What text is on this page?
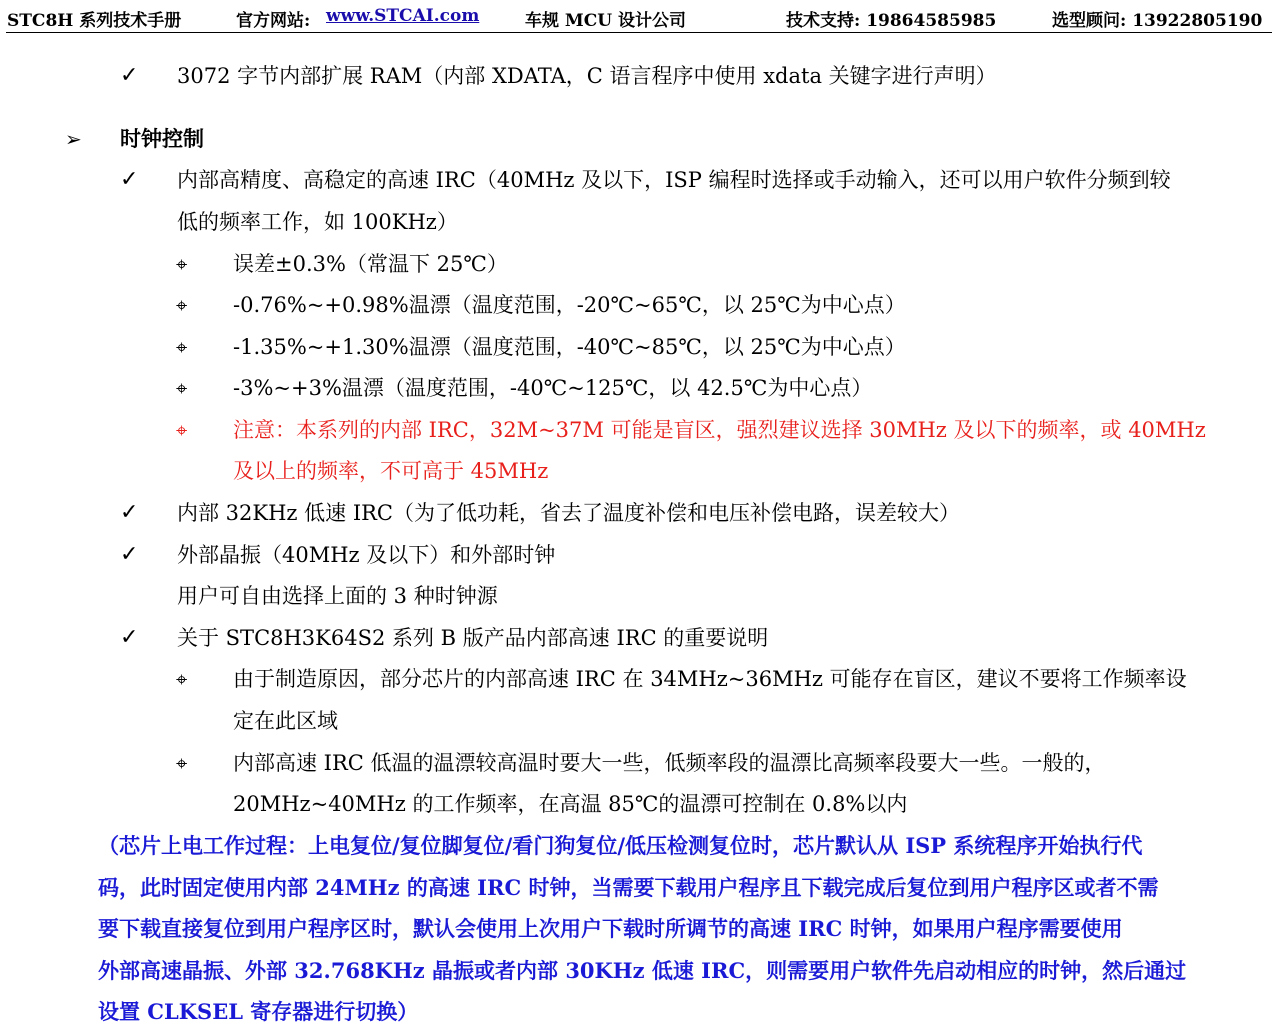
STC8H 系列技术手册	官方网站: www.STCAI.com	车规 MCU 设计公司	技术支持: 19864585985	选型顾问: 13922805190
✓ 3072 字节内部扩展 RAM（内部 XDATA，C 语言程序中使用 xdata 关键字进行声明）
➢ 时钟控制
✓ 内部高精度、高稳定的高速 IRC（40MHz 及以下，ISP 编程时选择或手动输入，还可以用户软件分频到较
低的频率工作，如 100KHz）
⌖ 误差±0.3%（常温下 25℃）
⌖ -0.76%~+0.98%温漂（温度范围，-20℃~65℃，以 25℃为中心点）
⌖ -1.35%~+1.30%温漂（温度范围，-40℃~85℃，以 25℃为中心点）
⌖ -3%~+3%温漂（温度范围，-40℃~125℃，以 42.5℃为中心点）
⌖ 注意：本系列的内部 IRC，32M~37M 可能是盲区，强烈建议选择 30MHz 及以下的频率，或 40MHz
及以上的频率，不可高于 45MHz
✓ 内部 32KHz 低速 IRC（为了低功耗，省去了温度补偿和电压补偿电路，误差较大）
✓ 外部晶振（40MHz 及以下）和外部时钟
用户可自由选择上面的 3 种时钟源
✓ 关于 STC8H3K64S2 系列 B 版产品内部高速 IRC 的重要说明
⌖ 由于制造原因，部分芯片的内部高速 IRC 在 34MHz~36MHz 可能存在盲区，建议不要将工作频率设
定在此区域
⌖ 内部高速 IRC 低温的温漂较高温时要大一些，低频率段的温漂比高频率段要大一些。一般的，
20MHz~40MHz 的工作频率，在高温 85℃的温漂可控制在 0.8%以内
（芯片上电工作过程：上电复位/复位脚复位/看门狗复位/低压检测复位时，芯片默认从 ISP 系统程序开始执行代
码，此时固定使用内部 24MHz 的高速 IRC 时钟，当需要下载用户程序且下载完成后复位到用户程序区或者不需
要下载直接复位到用户程序区时，默认会使用上次用户下载时所调节的高速 IRC 时钟，如果用户程序需要使用
外部高速晶振、外部 32.768KHz 晶振或者内部 30KHz 低速 IRC，则需要用户软件先启动相应的时钟，然后通过
设置 CLKSEL 寄存器进行切换）
